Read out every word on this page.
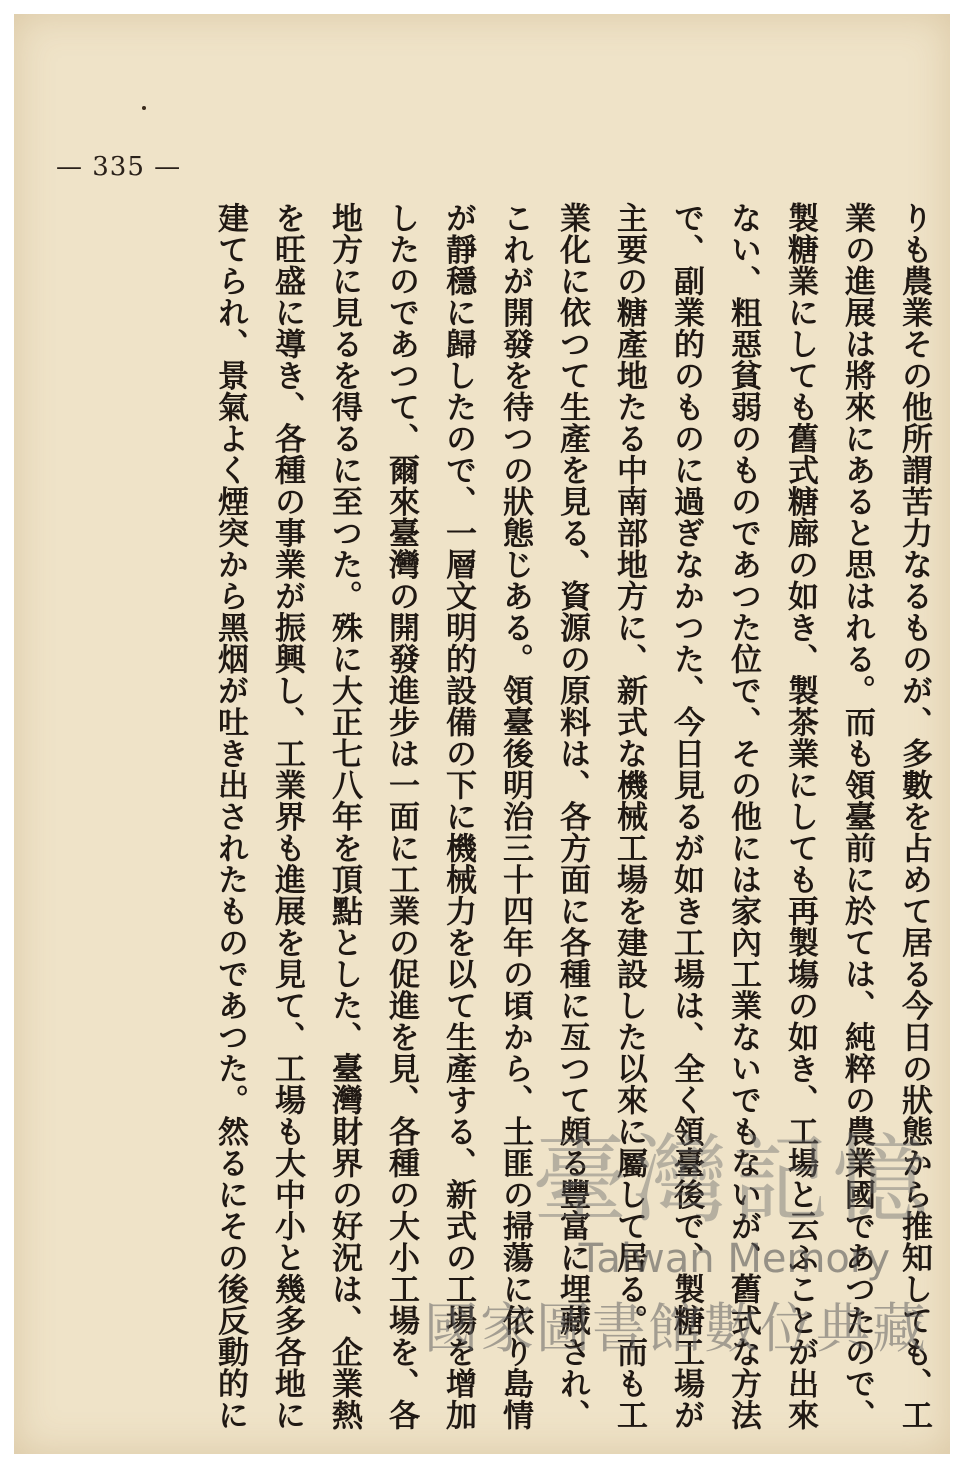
— 335 —
りも農業その他所謂苦力なるものが、多數を占めて居る今日の狀態から推知しても、工
業の進展は將來にあると思はれる。而も領臺前に於ては、純粹の農業國であつたので、
製糖業にしても舊式糖廍の如き、製茶業にしても再製塲の如き、工場と云ふことが出來
ない、粗惡貧弱のものであつた位で、その他には家內工業ないでもないが、舊式な方法
で、副業的のものに過ぎなかつた、今日見るが如き工場は、全く領臺後で、製糖工場が
主要の糖產地たる中南部地方に、新式な機械工場を建設した以來に屬して居る。而も工
業化に依つて生產を見る、資源の原料は、各方面に各種に亙つて頗る豐富に埋藏され、
これが開發を待つの狀態じある。領臺後明治三十四年の頃から、土匪の掃蕩に依り島情
が靜穩に歸したので、一層文明的設備の下に機械力を以て生產する、新式の工場を增加
したのであつて、爾來臺灣の開發進步は一面に工業の促進を見、各種の大小工場を、各
地方に見るを得るに至つた。殊に大正七八年を頂點とした、臺灣財界の好況は、企業熱
を旺盛に導き、各種の事業が振興し、工業界も進展を見て、工場も大中小と幾多各地に
建てられ、景氣よく煙突から黑烟が吐き出されたものであつた。然るにその後反動的に	臺灣記憶
Taiwan Memory
國家圖書館數位典藏
